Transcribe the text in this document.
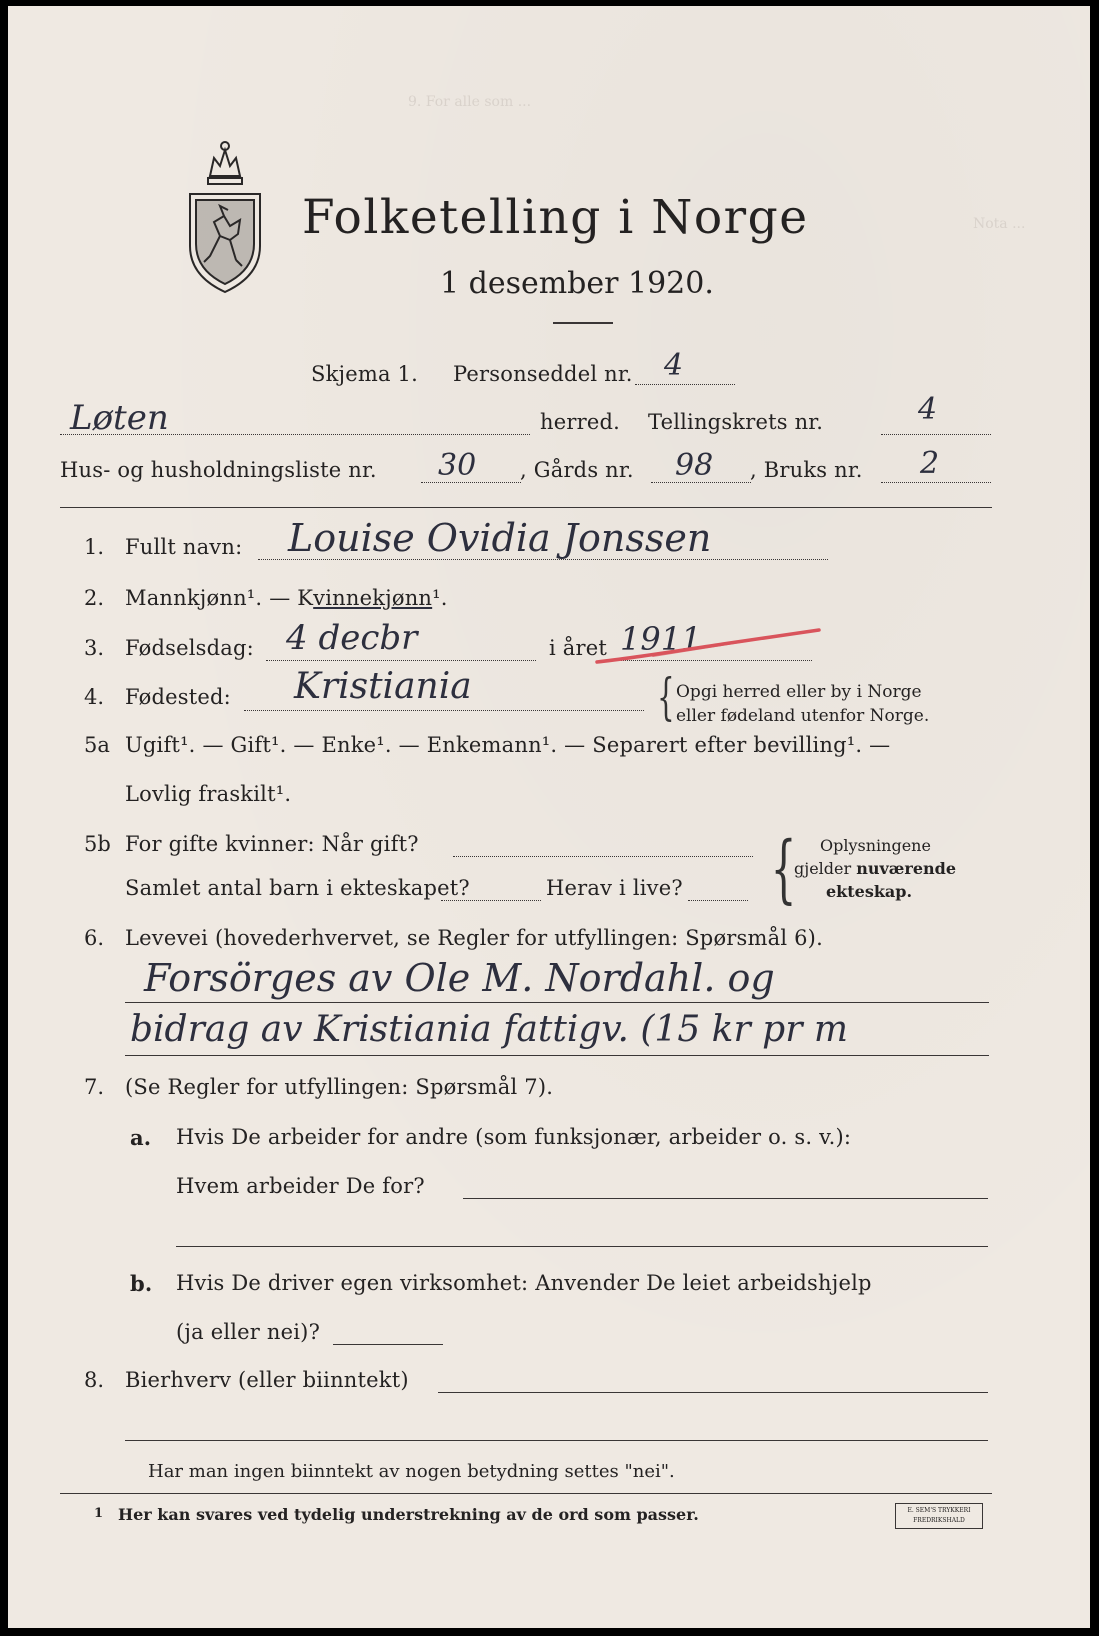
9. For alle som ...
Nota ...
Folketelling i Norge
1 desember 1920.
Skjema 1. Personseddel nr. 4
Løten	herred. Tellingskrets nr.	4
Hus- og husholdningsliste nr. 30 , Gårds nr. 98 , Bruks nr. 2
1. Fullt navn: Louise Ovidia Jonssen
2. Mannkjønn¹. — Kvinnekjønn¹.
3. Fødselsdag: 4 decbr	i året 1911
4. Fødested: Kristiania	{ Opgi herred eller by i Norge
eller fødeland utenfor Norge.
5a Ugift¹. — Gift¹. — Enke¹. — Enkemann¹. — Separert efter bevilling¹. —
Lovlig fraskilt¹.
5b For gifte kvinner: Når gift?
Samlet antal barn i ekteskapet?	Herav i live? { Oplysningene
gjelder nuværende
ekteskap.
6. Levevei (hovederhvervet, se Regler for utfyllingen: Spørsmål 6).
Forsörges av Ole M. Nordahl. og
bidrag av Kristiania fattigv. (15 kr pr m
7. (Se Regler for utfyllingen: Spørsmål 7).
a. Hvis De arbeider for andre (som funksjonær, arbeider o. s. v.):
Hvem arbeider De for?
b. Hvis De driver egen virksomhet: Anvender De leiet arbeidshjelp
(ja eller nei)?
8. Bierhverv (eller biinntekt)
Har man ingen biinntekt av nogen betydning settes "nei".
1 Her kan svares ved tydelig understrekning av de ord som passer.	E. SEM'S TRYKKERI
FREDRIKSHALD
